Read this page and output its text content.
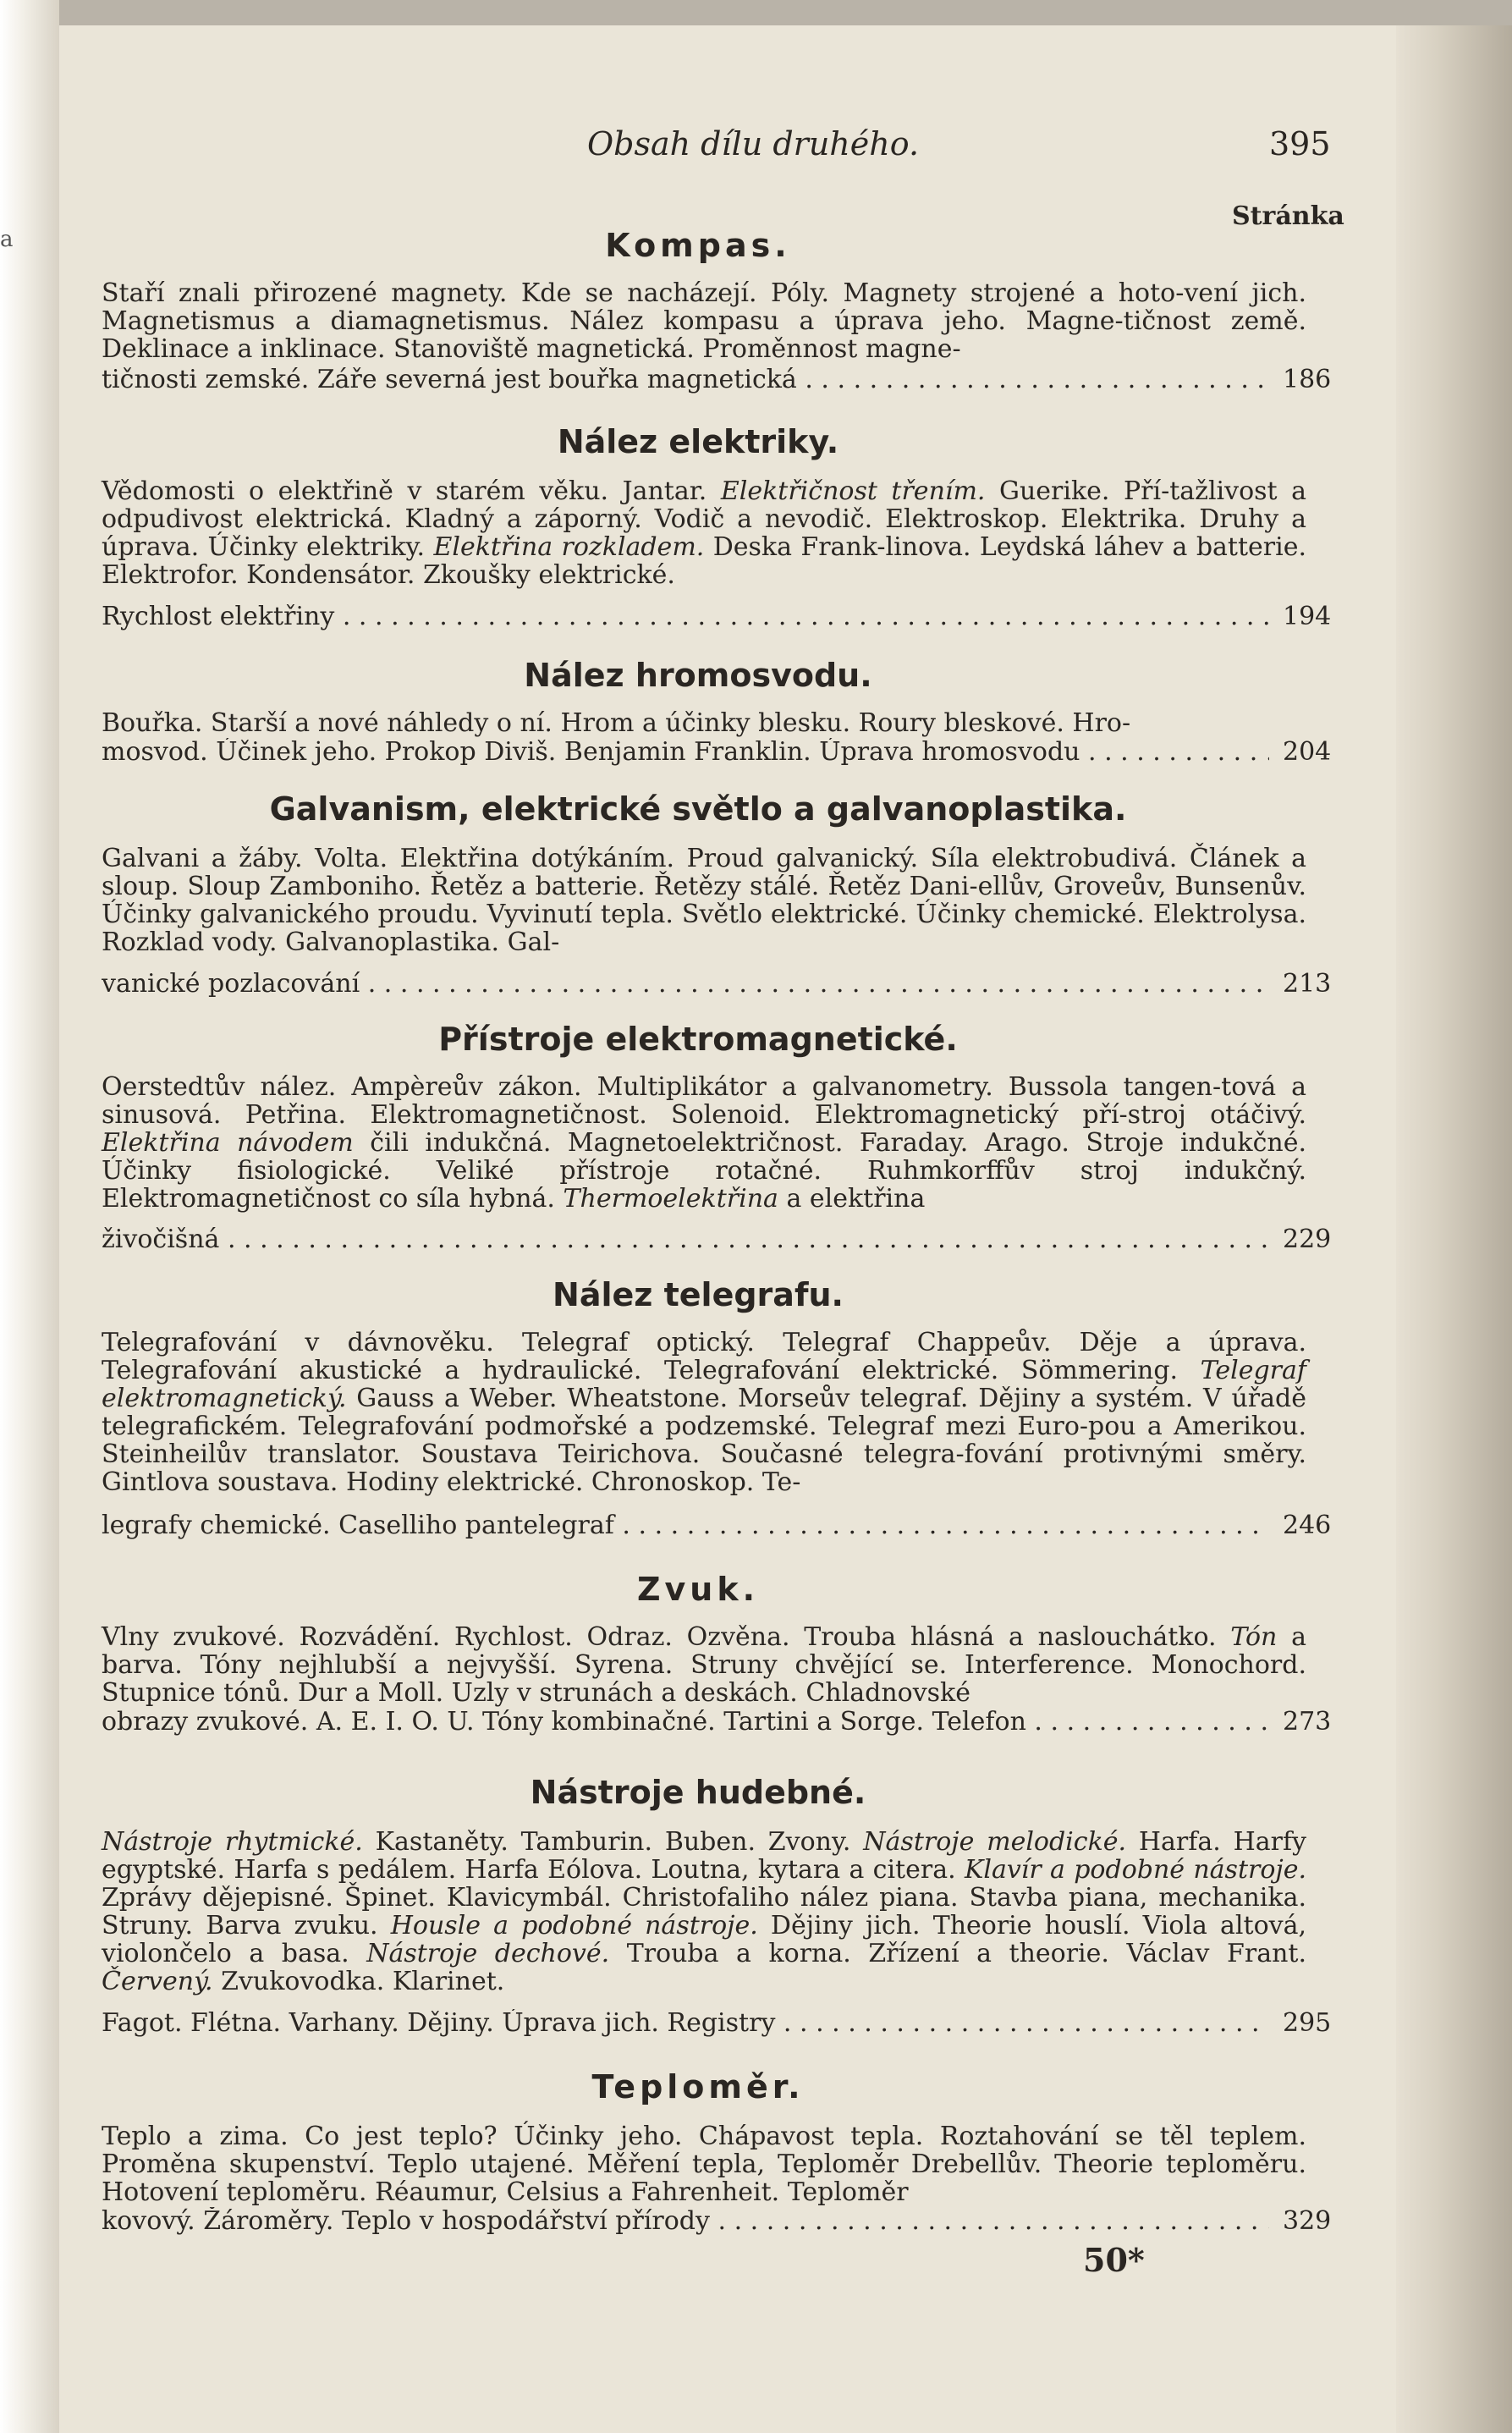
a
Obsah dílu druhého.	395
Stránka
Kompas.

Staří znali přirozené magnety. Kde se nacházejí. Póly. Magnety strojené a hoto-vení jich. Magnetismus a diamagnetismus. Nález kompasu a úprava jeho. Magne-tičnost země. Deklinace a inklinace. Stanoviště magnetická. Proměnnost magne-

tičnosti zemské. Záře severná jest bouřka magnetická . . .	186
Nález elektriky.

Vědomosti o elektřině v starém věku. Jantar. Elektřičnost třením. Guerike. Pří-tažlivost a odpudivost elektrická. Kladný a záporný. Vodič a nevodič. Elektroskop. Elektrika. Druhy a úprava. Účinky elektriky. Elektřina rozkladem. Deska Frank-linova. Leydská láhev a batterie. Elektrofor. Kondensátor. Zkoušky elektrické.

Rychlost elektřiny . . .	194
Nález hromosvodu.

Bouřka. Starší a nové náhledy o ní. Hrom a účinky blesku. Roury bleskové. Hro-

mosvod. Účinek jeho. Prokop Diviš. Benjamin Franklin. Úprava hromosvodu . . .	204
Galvanism, elektrické světlo a galvanoplastika.

Galvani a žáby. Volta. Elektřina dotýkáním. Proud galvanický. Síla elektrobudivá. Článek a sloup. Sloup Zamboniho. Řetěz a batterie. Řetězy stálé. Řetěz Dani-ellův, Groveův, Bunsenův. Účinky galvanického proudu. Vyvinutí tepla. Světlo elektrické. Účinky chemické. Elektrolysa. Rozklad vody. Galvanoplastika. Gal-

vanické pozlacování . . .	213
Přístroje elektromagnetické.

Oerstedtův nález. Ampèreův zákon. Multiplikátor a galvanometry. Bussola tangen-tová a sinusová. Petřina. Elektromagnetičnost. Solenoid. Elektromagnetický pří-stroj otáčivý. Elektřina návodem čili indukčná. Magnetoelektričnost. Faraday. Arago. Stroje indukčné. Účinky fisiologické. Veliké přístroje rotačné. Ruhmkorffův stroj indukčný. Elektromagnetičnost co síla hybná. Thermoelektřina a elektřina

živočišná . . .	229
Nález telegrafu.

Telegrafování v dávnověku. Telegraf optický. Telegraf Chappeův. Děje a úprava. Telegrafování akustické a hydraulické. Telegrafování elektrické. Sömmering. Telegraf elektromagnetický. Gauss a Weber. Wheatstone. Morseův telegraf. Dějiny a systém. V úřadě telegrafickém. Telegrafování podmořské a podzemské. Telegraf mezi Euro-pou a Amerikou. Steinheilův translator. Soustava Teirichova. Současné telegra-fování protivnými směry. Gintlova soustava. Hodiny elektrické. Chronoskop. Te-

legrafy chemické. Caselliho pantelegraf . . .	246
Zvuk.

Vlny zvukové. Rozvádění. Rychlost. Odraz. Ozvěna. Trouba hlásná a naslouchátko. Tón a barva. Tóny nejhlubší a nejvyšší. Syrena. Struny chvějící se. Interference. Monochord. Stupnice tónů. Dur a Moll. Uzly v strunách a deskách. Chladnovské

obrazy zvukové. A. E. I. O. U. Tóny kombinačné. Tartini a Sorge. Telefon . . .	273
Nástroje hudebné.

Nástroje rhytmické. Kastaněty. Tamburin. Buben. Zvony. Nástroje melodické. Harfa. Harfy egyptské. Harfa s pedálem. Harfa Eólova. Loutna, kytara a citera. Klavír a podobné nástroje. Zprávy dějepisné. Špinet. Klavicymbál. Christofaliho nález piana. Stavba piana, mechanika. Struny. Barva zvuku. Housle a podobné nástroje. Dějiny jich. Theorie houslí. Viola altová, violončelo a basa. Nástroje dechové. Trouba a korna. Zřízení a theorie. Václav Frant. Červený. Zvukovodka. Klarinet.

Fagot. Flétna. Varhany. Dějiny. Úprava jich. Registry . . .	295
Teploměr.

Teplo a zima. Co jest teplo? Účinky jeho. Chápavost tepla. Roztahování se těl teplem. Proměna skupenství. Teplo utajené. Měření tepla, Teploměr Drebellův. Theorie teploměru. Hotovení teploměru. Réaumur, Celsius a Fahrenheit. Teploměr

kovový. Žároměry. Teplo v hospodářství přírody . . .	329
50*
